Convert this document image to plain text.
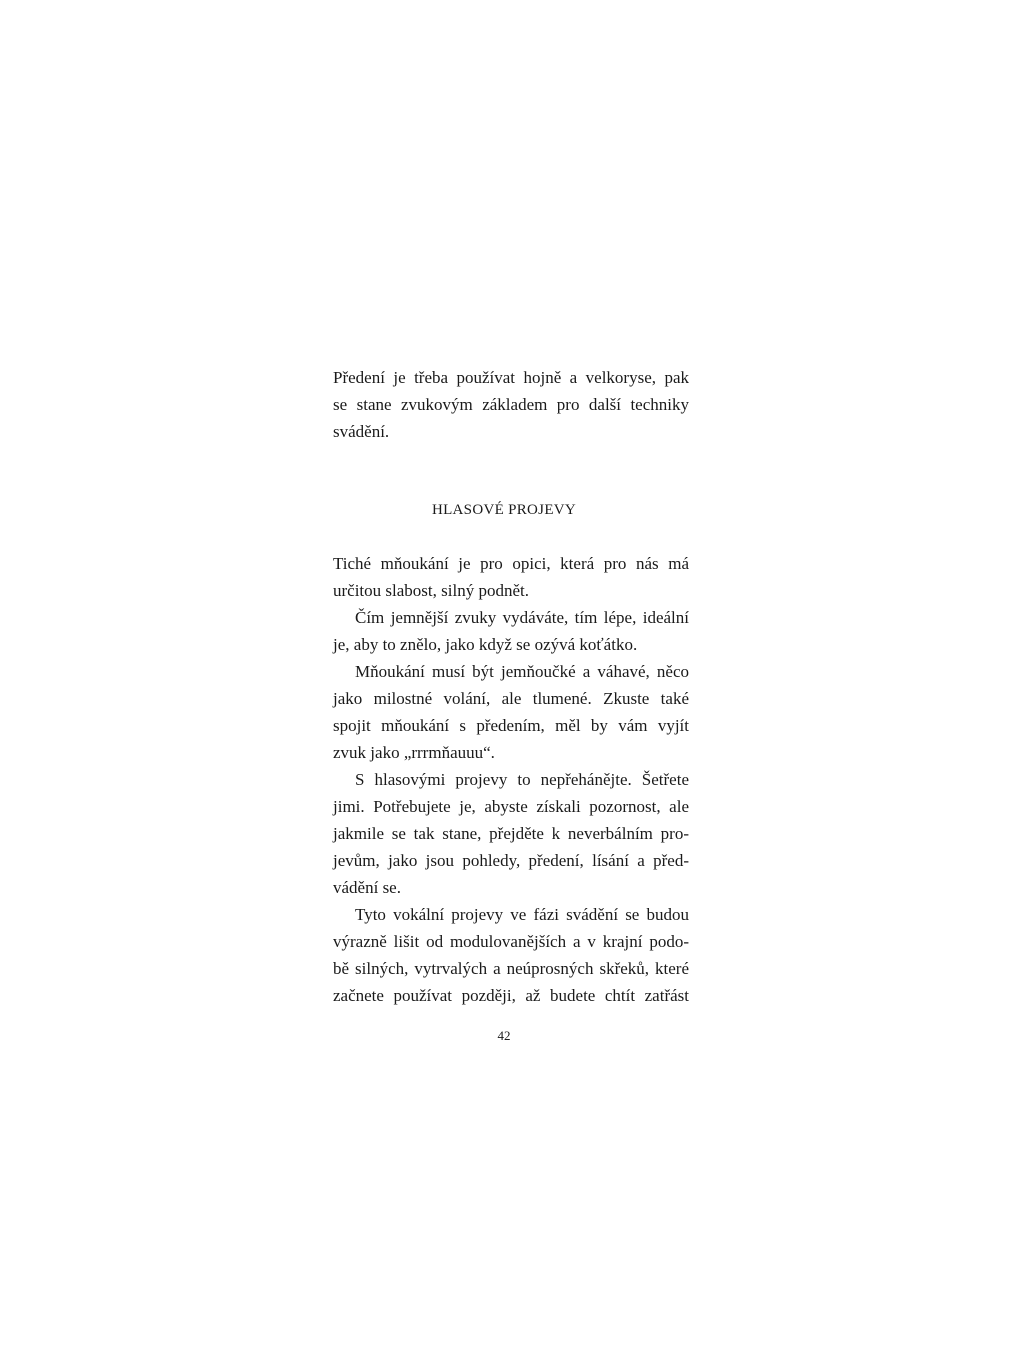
Předení je třeba používat hojně a velkoryse, pak
se stane zvukovým základem pro další techniky
svádění.
HLASOVÉ PROJEVY
Tiché mňoukání je pro opici, která pro nás má
určitou slabost, silný podnět.
Čím jemnější zvuky vydáváte, tím lépe, ideální
je, aby to znělo, jako když se ozývá koťátko.
Mňoukání musí být jemňoučké a váhavé, něco
jako milostné volání, ale tlumené. Zkuste také
spojit mňoukání s předením, měl by vám vyjít
zvuk jako „rrrmňauuu“.
S hlasovými projevy to nepřehánějte. Šetřete
jimi. Potřebujete je, abyste získali pozornost, ale
jakmile se tak stane, přejděte k neverbálním pro-
jevům, jako jsou pohledy, předení, lísání a před-
vádění se.
Tyto vokální projevy ve fázi svádění se budou
výrazně lišit od modulovanějších a v krajní podo-
bě silných, vytrvalých a neúprosných skřeků, které
začnete používat později, až budete chtít zatřást
42
